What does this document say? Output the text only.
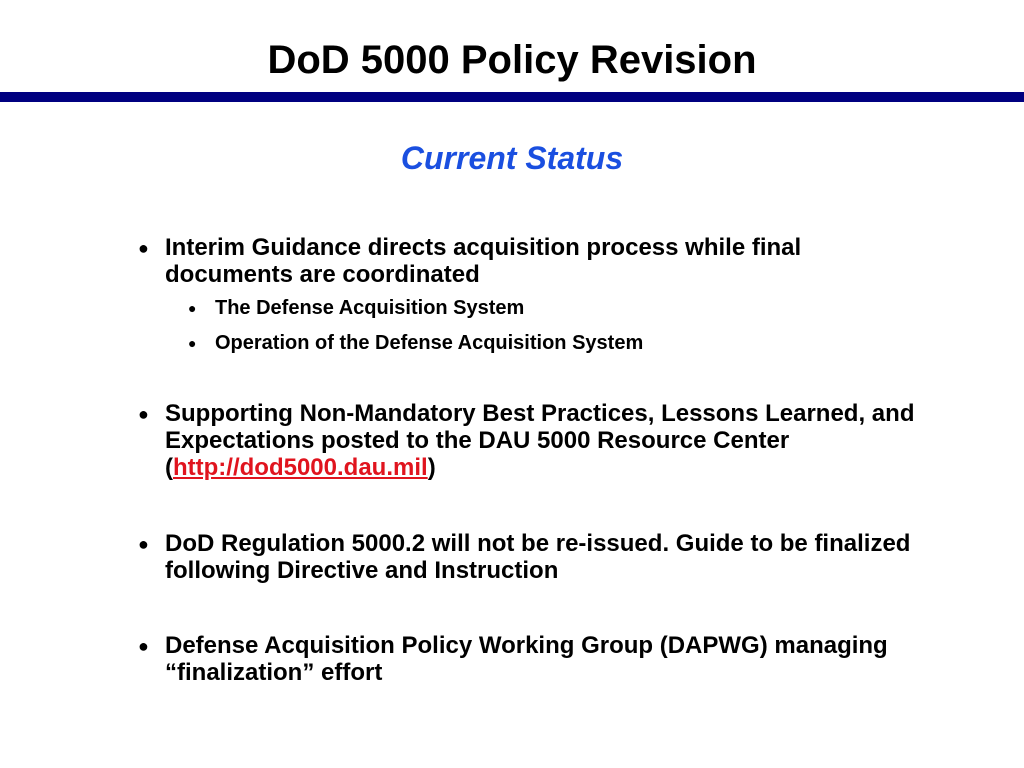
DoD 5000 Policy Revision
Current Status
● Interim Guidance directs acquisition process while final documents are coordinated
● The Defense Acquisition System
● Operation of the Defense Acquisition System
● Supporting Non-Mandatory Best Practices, Lessons Learned, and Expectations posted to the DAU 5000 Resource Center (http://dod5000.dau.mil)
● DoD Regulation 5000.2 will not be re-issued. Guide to be finalized following Directive and Instruction
● Defense Acquisition Policy Working Group (DAPWG) managing “finalization” effort
